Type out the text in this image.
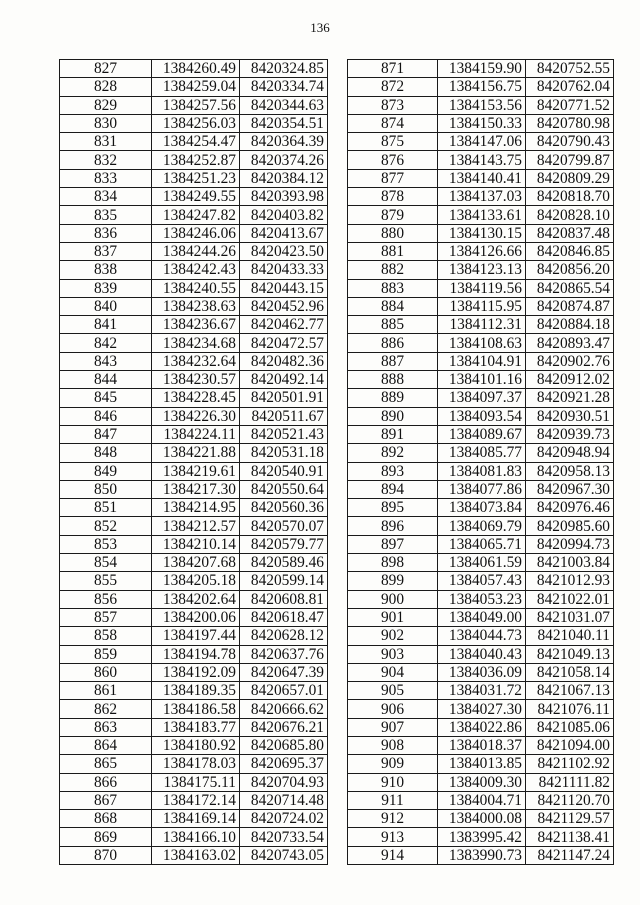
136
827	1384260.49	8420324.85
828	1384259.04	8420334.74
829	1384257.56	8420344.63
830	1384256.03	8420354.51
831	1384254.47	8420364.39
832	1384252.87	8420374.26
833	1384251.23	8420384.12
834	1384249.55	8420393.98
835	1384247.82	8420403.82
836	1384246.06	8420413.67
837	1384244.26	8420423.50
838	1384242.43	8420433.33
839	1384240.55	8420443.15
840	1384238.63	8420452.96
841	1384236.67	8420462.77
842	1384234.68	8420472.57
843	1384232.64	8420482.36
844	1384230.57	8420492.14
845	1384228.45	8420501.91
846	1384226.30	8420511.67
847	1384224.11	8420521.43
848	1384221.88	8420531.18
849	1384219.61	8420540.91
850	1384217.30	8420550.64
851	1384214.95	8420560.36
852	1384212.57	8420570.07
853	1384210.14	8420579.77
854	1384207.68	8420589.46
855	1384205.18	8420599.14
856	1384202.64	8420608.81
857	1384200.06	8420618.47
858	1384197.44	8420628.12
859	1384194.78	8420637.76
860	1384192.09	8420647.39
861	1384189.35	8420657.01
862	1384186.58	8420666.62
863	1384183.77	8420676.21
864	1384180.92	8420685.80
865	1384178.03	8420695.37
866	1384175.11	8420704.93
867	1384172.14	8420714.48
868	1384169.14	8420724.02
869	1384166.10	8420733.54
870	1384163.02	8420743.05
871	1384159.90	8420752.55
872	1384156.75	8420762.04
873	1384153.56	8420771.52
874	1384150.33	8420780.98
875	1384147.06	8420790.43
876	1384143.75	8420799.87
877	1384140.41	8420809.29
878	1384137.03	8420818.70
879	1384133.61	8420828.10
880	1384130.15	8420837.48
881	1384126.66	8420846.85
882	1384123.13	8420856.20
883	1384119.56	8420865.54
884	1384115.95	8420874.87
885	1384112.31	8420884.18
886	1384108.63	8420893.47
887	1384104.91	8420902.76
888	1384101.16	8420912.02
889	1384097.37	8420921.28
890	1384093.54	8420930.51
891	1384089.67	8420939.73
892	1384085.77	8420948.94
893	1384081.83	8420958.13
894	1384077.86	8420967.30
895	1384073.84	8420976.46
896	1384069.79	8420985.60
897	1384065.71	8420994.73
898	1384061.59	8421003.84
899	1384057.43	8421012.93
900	1384053.23	8421022.01
901	1384049.00	8421031.07
902	1384044.73	8421040.11
903	1384040.43	8421049.13
904	1384036.09	8421058.14
905	1384031.72	8421067.13
906	1384027.30	8421076.11
907	1384022.86	8421085.06
908	1384018.37	8421094.00
909	1384013.85	8421102.92
910	1384009.30	8421111.82
911	1384004.71	8421120.70
912	1384000.08	8421129.57
913	1383995.42	8421138.41
914	1383990.73	8421147.24
